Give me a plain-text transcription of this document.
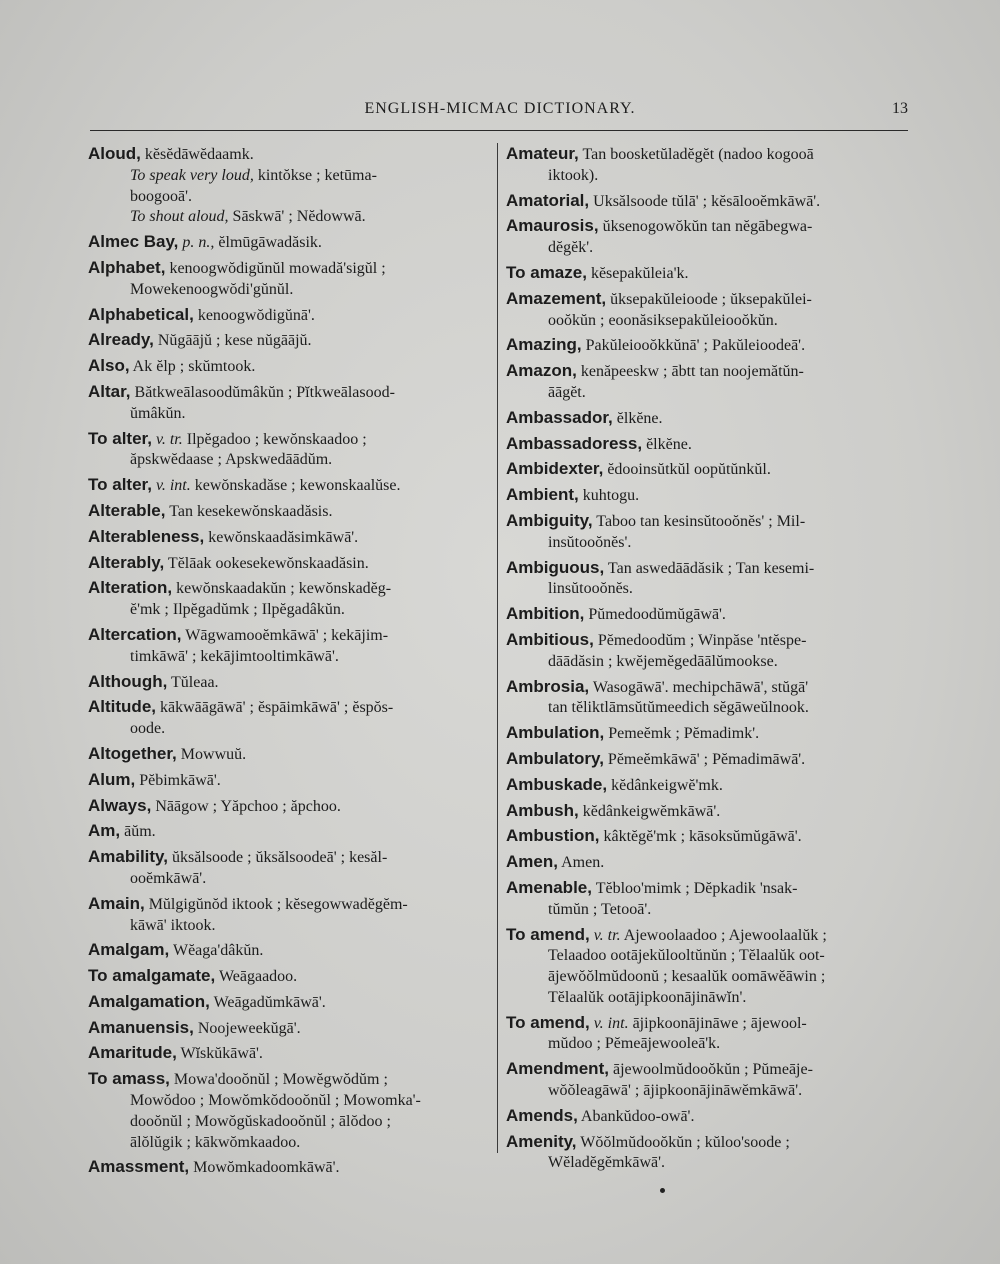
ENGLISH-MICMAC DICTIONARY.	13
Aloud, kĕsĕdāwĕdaamk.
To speak very loud, kintŏkse ; ketūma-
boogooā'.
To shout aloud, Sāskwā' ; Nĕdowwā.
Almec Bay, p. n., ĕlmūgāwadăsik.
Alphabet, kenoogwŏdigŭnŭl mowadă'sigŭl ;
Mowekenoogwŏdi'gŭnŭl.
Alphabetical, kenoogwŏdigŭnā'.
Already, Nŭgāājŭ ; kese nŭgāājŭ.
Also, Ak ĕlp ; skŭmtook.
Altar, Bătkweālasoodŭmâkŭn ; Pĭtkweālasood-
ŭmâkŭn.
To alter, v. tr. Ilpĕgadoo ; kewŏnskaadoo ;
ăpskwĕdaase ; Apskwedāādŭm.
To alter, v. int. kewŏnskadăse ; kewonskaalŭse.
Alterable, Tan kesekewŏnskaadăsis.
Alterableness, kewŏnskaadăsimkāwā'.
Alterably, Tĕlāak ookesekewŏnskaadăsin.
Alteration, kewŏnskaadakŭn ; kewŏnskadĕg-
ĕ'mk ; Ilpĕgadŭmk ; Ilpĕgadâkŭn.
Altercation, Wāgwamooĕmkāwā' ; kekājim-
timkāwā' ; kekājimtooltimkāwā'.
Although, Tŭleaa.
Altitude, kākwāāgāwā' ; ĕspāimkāwā' ; ĕspŏs-
oode.
Altogether, Mowwuŭ.
Alum, Pĕbimkāwā'.
Always, Nāāgow ; Yăpchoo ; ăpchoo.
Am, āŭm.
Amability, ŭksălsoode ; ŭksălsoodeā' ; kesăl-
ooĕmkāwā'.
Amain, Mŭlgigŭnŏd iktook ; kĕsegowwadĕgĕm-
kāwā' iktook.
Amalgam, Wĕaga'dâkŭn.
To amalgamate, Weāgaadoo.
Amalgamation, Weāgadŭmkāwā'.
Amanuensis, Noojeweekŭgā'.
Amaritude, Wĭskŭkāwā'.
To amass, Mowa'dooŏnŭl ; Mowĕgwŏdŭm ;
Mowŏdoo ; Mowŏmkŏdooŏnŭl ; Mowomka'-
dooŏnŭl ; Mowŏgŭskadooŏnŭl ; ālŏdoo ;
ālŏlŭgik ; kākwŏmkaadoo.
Amassment, Mowŏmkadoomkāwā'.
Amateur, Tan boosketŭladĕgĕt (nadoo kogooā
iktook).
Amatorial, Uksălsoode tŭlā' ; kĕsālooĕmkāwā'.
Amaurosis, ŭksenogowŏkŭn tan nĕgābegwa-
dĕgĕk'.
To amaze, kĕsepakŭleia'k.
Amazement, ŭksepakŭleioode ; ŭksepakŭlei-
ooŏkŭn ; eoonăsiksepakŭleiooŏkŭn.
Amazing, Pakŭleiooŏkkŭnā' ; Pakŭleioodeā'.
Amazon, kenăpeeskw ; ābtt tan noojemătŭn-
āāgĕt.
Ambassador, ĕlkĕne.
Ambassadoress, ĕlkĕne.
Ambidexter, ĕdooinsŭtkŭl oopŭtŭnkŭl.
Ambient, kuhtogu.
Ambiguity, Taboo tan kesinsŭtooŏnĕs' ; Mil-
insŭtooŏnĕs'.
Ambiguous, Tan aswedāādăsik ; Tan kesemi-
linsŭtooŏnĕs.
Ambition, Pŭmedoodŭmŭgāwā'.
Ambitious, Pĕmedoodŭm ; Winpăse 'ntĕspe-
dāādăsin ; kwĕjemĕgedāālŭmookse.
Ambrosia, Wasogāwā'. mechipchāwā', stŭgā'
tan tĕliktlāmsŭtŭmeedich sĕgāweŭlnook.
Ambulation, Pemeĕmk ; Pĕmadimk'.
Ambulatory, Pĕmeĕmkāwā' ; Pĕmadimāwā'.
Ambuskade, kĕdânkeigwĕ'mk.
Ambush, kĕdânkeigwĕmkāwā'.
Ambustion, kâktĕgĕ'mk ; kāsoksŭmŭgāwā'.
Amen, Amen.
Amenable, Tĕbloo'mimk ; Dĕpkadik 'nsak-
tŭmŭn ; Tetooā'.
To amend, v. tr. Ajewoolaadoo ; Ajewoolaalŭk ;
Telaadoo ootājekŭlooltŭnŭn ; Tĕlaalŭk oot-
ājewŏŏlmŭdoonŭ ; kesaalŭk oomāwĕāwin ;
Tĕlaalŭk ootājipkoonājināwĭn'.
To amend, v. int. ājipkoonājināwe ; ājewool-
mŭdoo ; Pĕmeājewooleā'k.
Amendment, ājewoolmŭdooŏkŭn ; Pŭmeāje-
wŏŏleagāwā' ; ājipkoonājināwĕmkāwā'.
Amends, Abankŭdoo-owā'.
Amenity, Wŏŏlmŭdooŏkŭn ; kŭloo'soode ;
Wĕladĕgĕmkāwā'.
